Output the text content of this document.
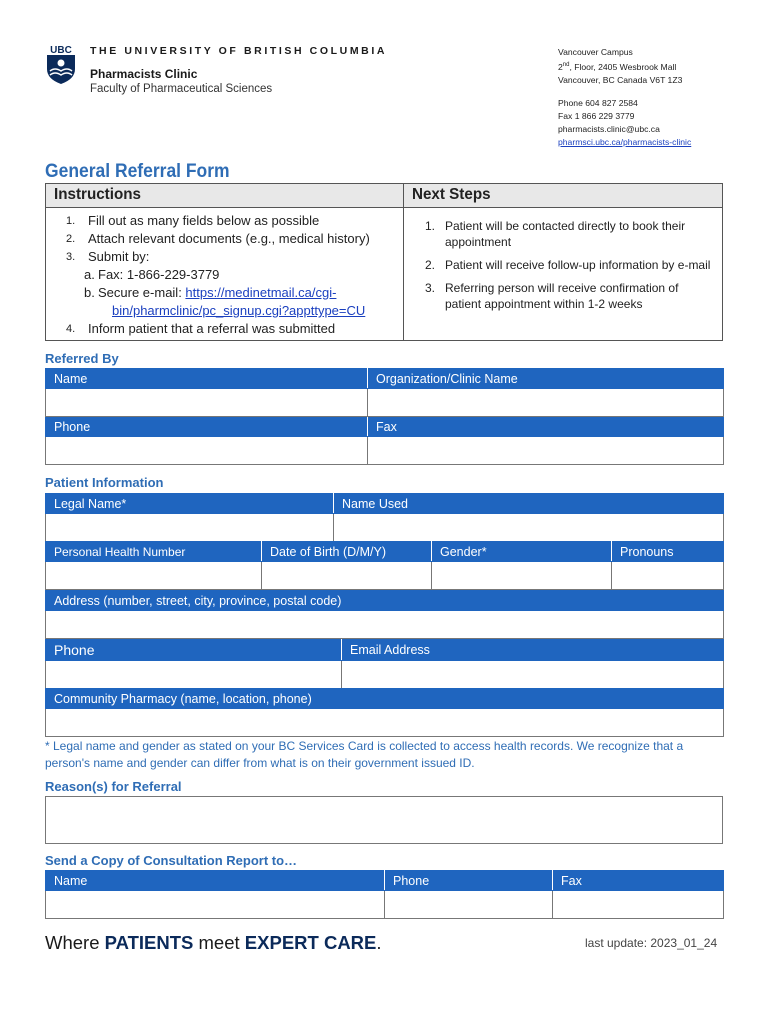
UBC THE UNIVERSITY OF BRITISH COLUMBIA
Pharmacists Clinic
Faculty of Pharmaceutical Sciences
Vancouver Campus
2nd, Floor, 2405 Wesbrook Mall
Vancouver, BC Canada V6T 1Z3
Phone 604 827 2584
Fax 1 866 229 3779
pharmacists.clinic@ubc.ca
pharmsci.ubc.ca/pharmacists-clinic
General Referral Form
Instructions	Next Steps
1. Fill out as many fields below as possible
2. Attach relevant documents (e.g., medical history)
3. Submit by:
a. Fax: 1-866-229-3779
b. Secure e-mail: https://medinetmail.ca/cgi-
bin/pharmclinic/pc_signup.cgi?appttype=CU
4. Inform patient that a referral was submitted
1. Patient will be contacted directly to book their appointment
2. Patient will receive follow-up information by e-mail
3. Referring person will receive confirmation of patient appointment within 1-2 weeks
Referred By
Name	Organization/Clinic Name

Phone	Fax

Patient Information
Legal Name*	Name Used

Personal Health Number	Date of Birth (D/M/Y)	Gender*	Pronouns

Address (number, street, city, province, postal code)

Phone	Email Address

Community Pharmacy (name, location, phone)

* Legal name and gender as stated on your BC Services Card is collected to access health records. We recognize that a person's name and gender can differ from what is on their government issued ID.
Reason(s) for Referral
Send a Copy of Consultation Report to…
Name	Phone	Fax

Where PATIENTS meet EXPERT CARE.	last update: 2023_01_24
